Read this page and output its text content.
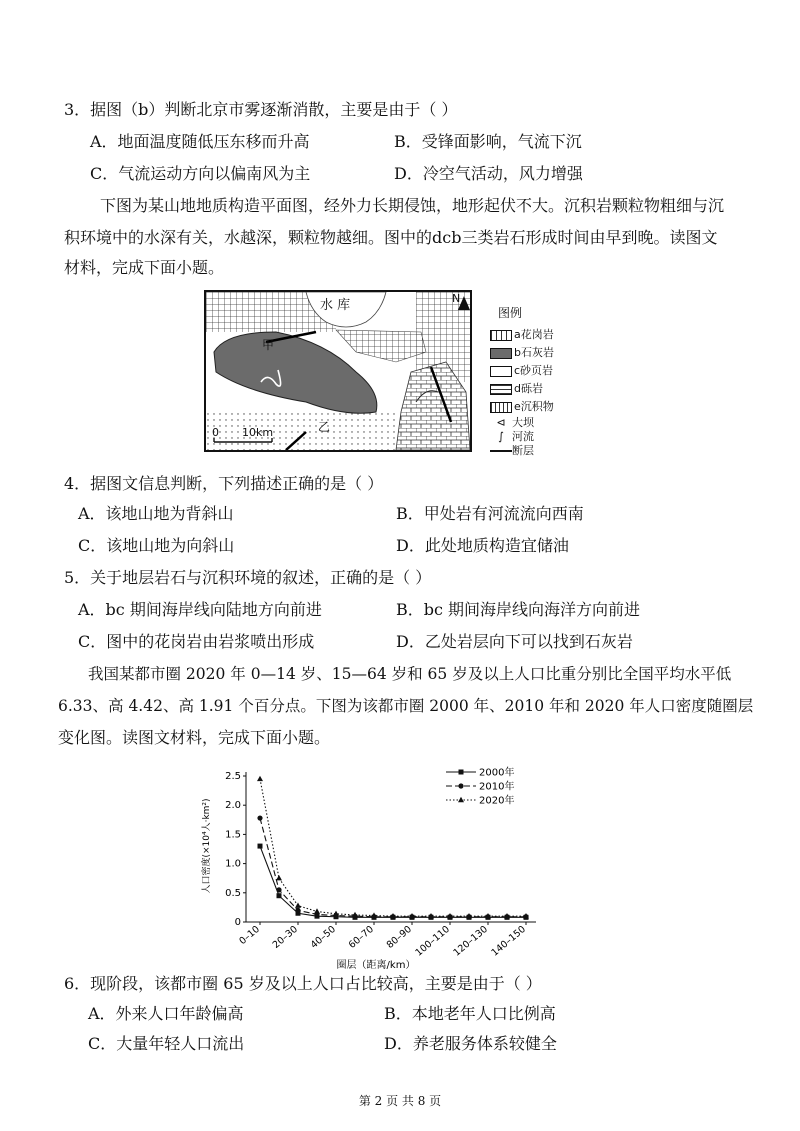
3．据图（b）判断北京市雾逐渐消散，主要是由于（ ）
A．地面温度随低压东移而升高	B．受锋面影响，气流下沉
C．气流运动方向以偏南风为主	D．冷空气活动，风力增强
下图为某山地地质构造平面图，经外力长期侵蚀，地形起伏不大。沉积岩颗粒物粗细与沉
积环境中的水深有关，水越深，颗粒物越细。图中的dcb三类岩石形成时间由早到晚。读图文
材料，完成下面小题。
水 库
甲
乙
N
0 10km
图例
a花岗岩
b石灰岩
c砂页岩
d砾岩
e沉积物
⊲ 大坝
∫ 河流
断层
4．据图文信息判断，下列描述正确的是（ ）
A．该地山地为背斜山	B．甲处岩有河流流向西南
C．该地山地为向斜山	D．此处地质构造宜储油
5．关于地层岩石与沉积环境的叙述，正确的是（ ）
A．bc 期间海岸线向陆地方向前进	B．bc 期间海岸线向海洋方向前进
C．图中的花岗岩由岩浆喷出形成	D．乙处岩层向下可以找到石灰岩
我国某都市圈 2020 年 0—14 岁、15—64 岁和 65 岁及以上人口比重分别比全国平均水平低
6.33、高 4.42、高 1.91 个百分点。下图为该都市圈 2000 年、2010 年和 2020 年人口密度随圈层
变化图。读图文材料，完成下面小题。
0
0.5
1.0
1.5
2.0
2.5
0–10 20–30 40–50 60–70 80–90 100–110 120–130 140–150
2000年
2010年
2020年
圈层（距离/km）
人口密度(×10⁴人·km²)
6．现阶段，该都市圈 65 岁及以上人口占比较高，主要是由于（ ）
A．外来人口年龄偏高	B．本地老年人口比例高
C．大量年轻人口流出	D．养老服务体系较健全
第 2 页 共 8 页
